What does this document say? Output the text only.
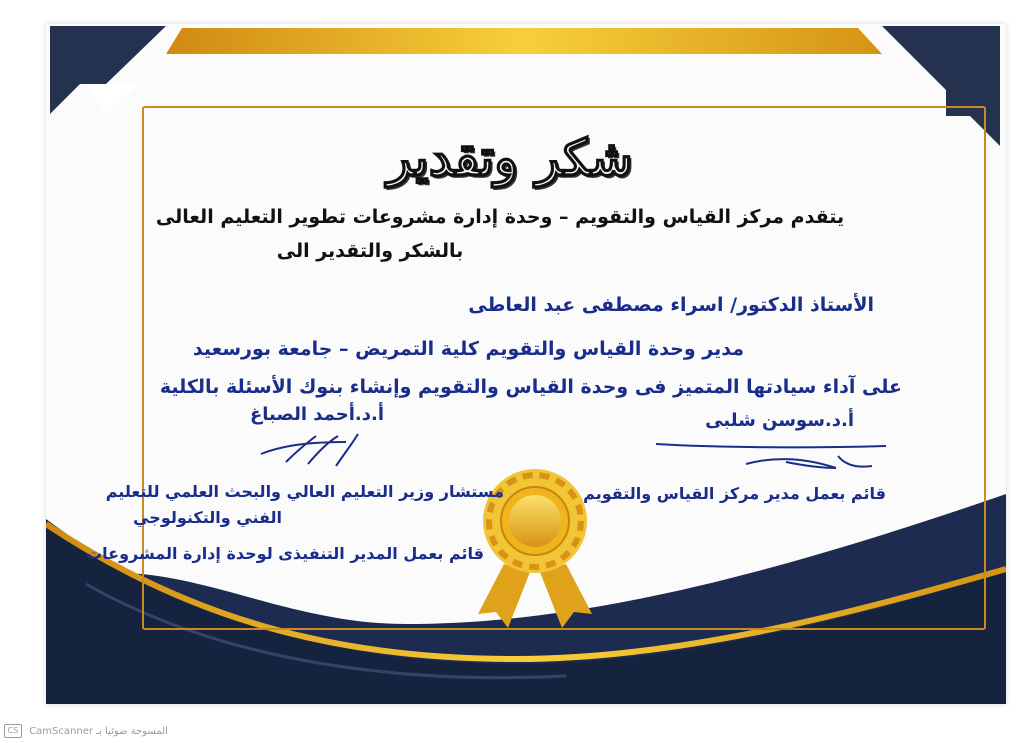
شكر وتقدير
يتقدم مركز القياس والتقويم – وحدة إدارة مشروعات تطوير التعليم العالى
بالشكر والتقدير الى
الأستاذ الدكتور/ اسراء مصطفى عبد العاطى
مدير وحدة القياس والتقويم كلية التمريض – جامعة بورسعيد
على آداء سيادتها المتميز فى وحدة القياس والتقويم وإنشاء بنوك الأسئلة بالكلية
أ.د.أحمد الصباغ	أ.د.سوسن شلبى
مستشار وزير التعليم العالي والبحث العلمي للتعليم
الفني والتكنولوجي
قائم بعمل المدير التنفيذى لوحدة إدارة المشروعات
قائم بعمل مدير مركز القياس والتقويم
CS CamScanner المسوحة ضوئيا بـ
